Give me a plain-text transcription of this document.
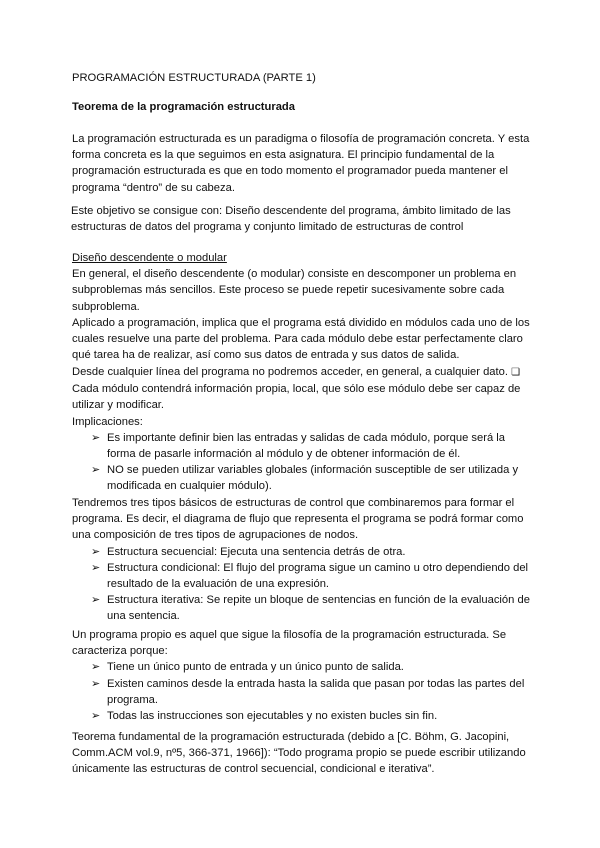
PROGRAMACIÓN ESTRUCTURADA (PARTE 1)

Teorema de la programación estructurada

La programación estructurada es un paradigma o filosofía de programación concreta. Y esta forma concreta es la que seguimos en esta asignatura. El principio fundamental de la programación estructurada es que en todo momento el programador pueda mantener el programa “dentro” de su cabeza.

Este objetivo se consigue con: Diseño descendente del programa, ámbito limitado de las estructuras de datos del programa y conjunto limitado de estructuras de control

Diseño descendente o modular
En general, el diseño descendente (o modular) consiste en descomponer un problema en subproblemas más sencillos. Este proceso se puede repetir sucesivamente sobre cada subproblema.
Aplicado a programación, implica que el programa está dividido en módulos cada uno de los cuales resuelve una parte del problema. Para cada módulo debe estar perfectamente claro qué tarea ha de realizar, así como sus datos de entrada y sus datos de salida.
Desde cualquier línea del programa no podremos acceder, en general, a cualquier dato. ❏ Cada módulo contendrá información propia, local, que sólo ese módulo debe ser capaz de utilizar y modificar.
Implicaciones:
➢ Es importante definir bien las entradas y salidas de cada módulo, porque será la forma de pasarle información al módulo y de obtener información de él.
➢ NO se pueden utilizar variables globales (información susceptible de ser utilizada y modificada en cualquier módulo).
Tendremos tres tipos básicos de estructuras de control que combinaremos para formar el programa. Es decir, el diagrama de flujo que representa el programa se podrá formar como una composición de tres tipos de agrupaciones de nodos.
➢ Estructura secuencial: Ejecuta una sentencia detrás de otra.
➢ Estructura condicional: El flujo del programa sigue un camino u otro dependiendo del resultado de la evaluación de una expresión.
➢ Estructura iterativa: Se repite un bloque de sentencias en función de la evaluación de una sentencia.
Un programa propio es aquel que sigue la filosofía de la programación estructurada. Se caracteriza porque:
➢ Tiene un único punto de entrada y un único punto de salida.
➢ Existen caminos desde la entrada hasta la salida que pasan por todas las partes del programa.
➢ Todas las instrucciones son ejecutables y no existen bucles sin fin.

Teorema fundamental de la programación estructurada (debido a [C. Böhm, G. Jacopini, Comm.ACM vol.9, nº5, 366-371, 1966]): “Todo programa propio se puede escribir utilizando únicamente las estructuras de control secuencial, condicional e iterativa”.
